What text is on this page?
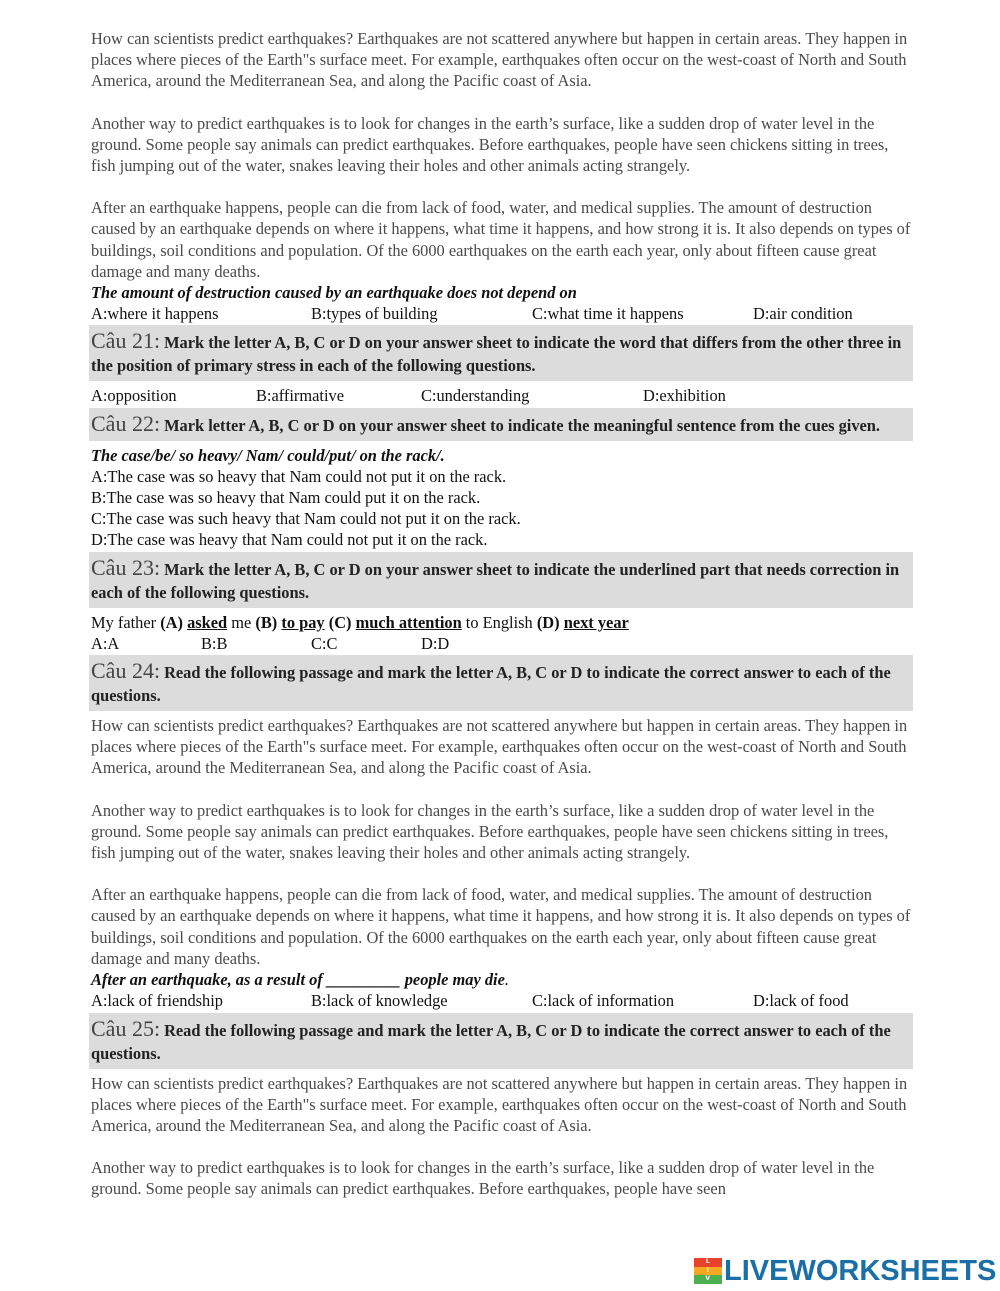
How can scientists predict earthquakes? Earthquakes are not scattered anywhere but happen in certain areas. They happen in places where pieces of the Earth"s surface meet. For example, earthquakes often occur on the west-coast of North and South America, around the Mediterranean Sea, and along the Pacific coast of Asia.
Another way to predict earthquakes is to look for changes in the earth’s surface, like a sudden drop of water level in the ground. Some people say animals can predict earthquakes. Before earthquakes, people have seen chickens sitting in trees, fish jumping out of the water, snakes leaving their holes and other animals acting strangely.
After an earthquake happens, people can die from lack of food, water, and medical supplies. The amount of destruction caused by an earthquake depends on where it happens, what time it happens, and how strong it is. It also depends on types of buildings, soil conditions and population. Of the 6000 earthquakes on the earth each year, only about fifteen cause great damage and many deaths.
The amount of destruction caused by an earthquake does not depend on
A:where it happens	B:types of building	C:what time it happens	D:air condition
Câu 21: Mark the letter A, B, C or D on your answer sheet to indicate the word that differs from the other three in the position of primary stress in each of the following questions.
A:opposition	B:affirmative	C:understanding	D:exhibition
Câu 22: Mark letter A, B, C or D on your answer sheet to indicate the meaningful sentence from the cues given.
The case/be/ so heavy/ Nam/ could/put/ on the rack/.
A:The case was so heavy that Nam could not put it on the rack.
B:The case was so heavy that Nam could put it on the rack.
C:The case was such heavy that Nam could not put it on the rack.
D:The case was heavy that Nam could not put it on the rack.
Câu 23: Mark the letter A, B, C or D on your answer sheet to indicate the underlined part that needs correction in each of the following questions.
My father (A) asked me (B) to pay (C) much attention to English (D) next year
A:A	B:B	C:C	D:D
Câu 24: Read the following passage and mark the letter A, B, C or D to indicate the correct answer to each of the questions.
How can scientists predict earthquakes? Earthquakes are not scattered anywhere but happen in certain areas. They happen in places where pieces of the Earth"s surface meet. For example, earthquakes often occur on the west-coast of North and South America, around the Mediterranean Sea, and along the Pacific coast of Asia.
Another way to predict earthquakes is to look for changes in the earth’s surface, like a sudden drop of water level in the ground. Some people say animals can predict earthquakes. Before earthquakes, people have seen chickens sitting in trees, fish jumping out of the water, snakes leaving their holes and other animals acting strangely.
After an earthquake happens, people can die from lack of food, water, and medical supplies. The amount of destruction caused by an earthquake depends on where it happens, what time it happens, and how strong it is. It also depends on types of buildings, soil conditions and population. Of the 6000 earthquakes on the earth each year, only about fifteen cause great damage and many deaths.
After an earthquake, as a result of _________ people may die.
A:lack of friendship	B:lack of knowledge	C:lack of information	D:lack of food
Câu 25: Read the following passage and mark the letter A, B, C or D to indicate the correct answer to each of the questions.
How can scientists predict earthquakes? Earthquakes are not scattered anywhere but happen in certain areas. They happen in places where pieces of the Earth"s surface meet. For example, earthquakes often occur on the west-coast of North and South America, around the Mediterranean Sea, and along the Pacific coast of Asia.
Another way to predict earthquakes is to look for changes in the earth’s surface, like a sudden drop of water level in the ground. Some people say animals can predict earthquakes. Before earthquakes, people have seen
L
I
V LIVEWORKSHEETS
